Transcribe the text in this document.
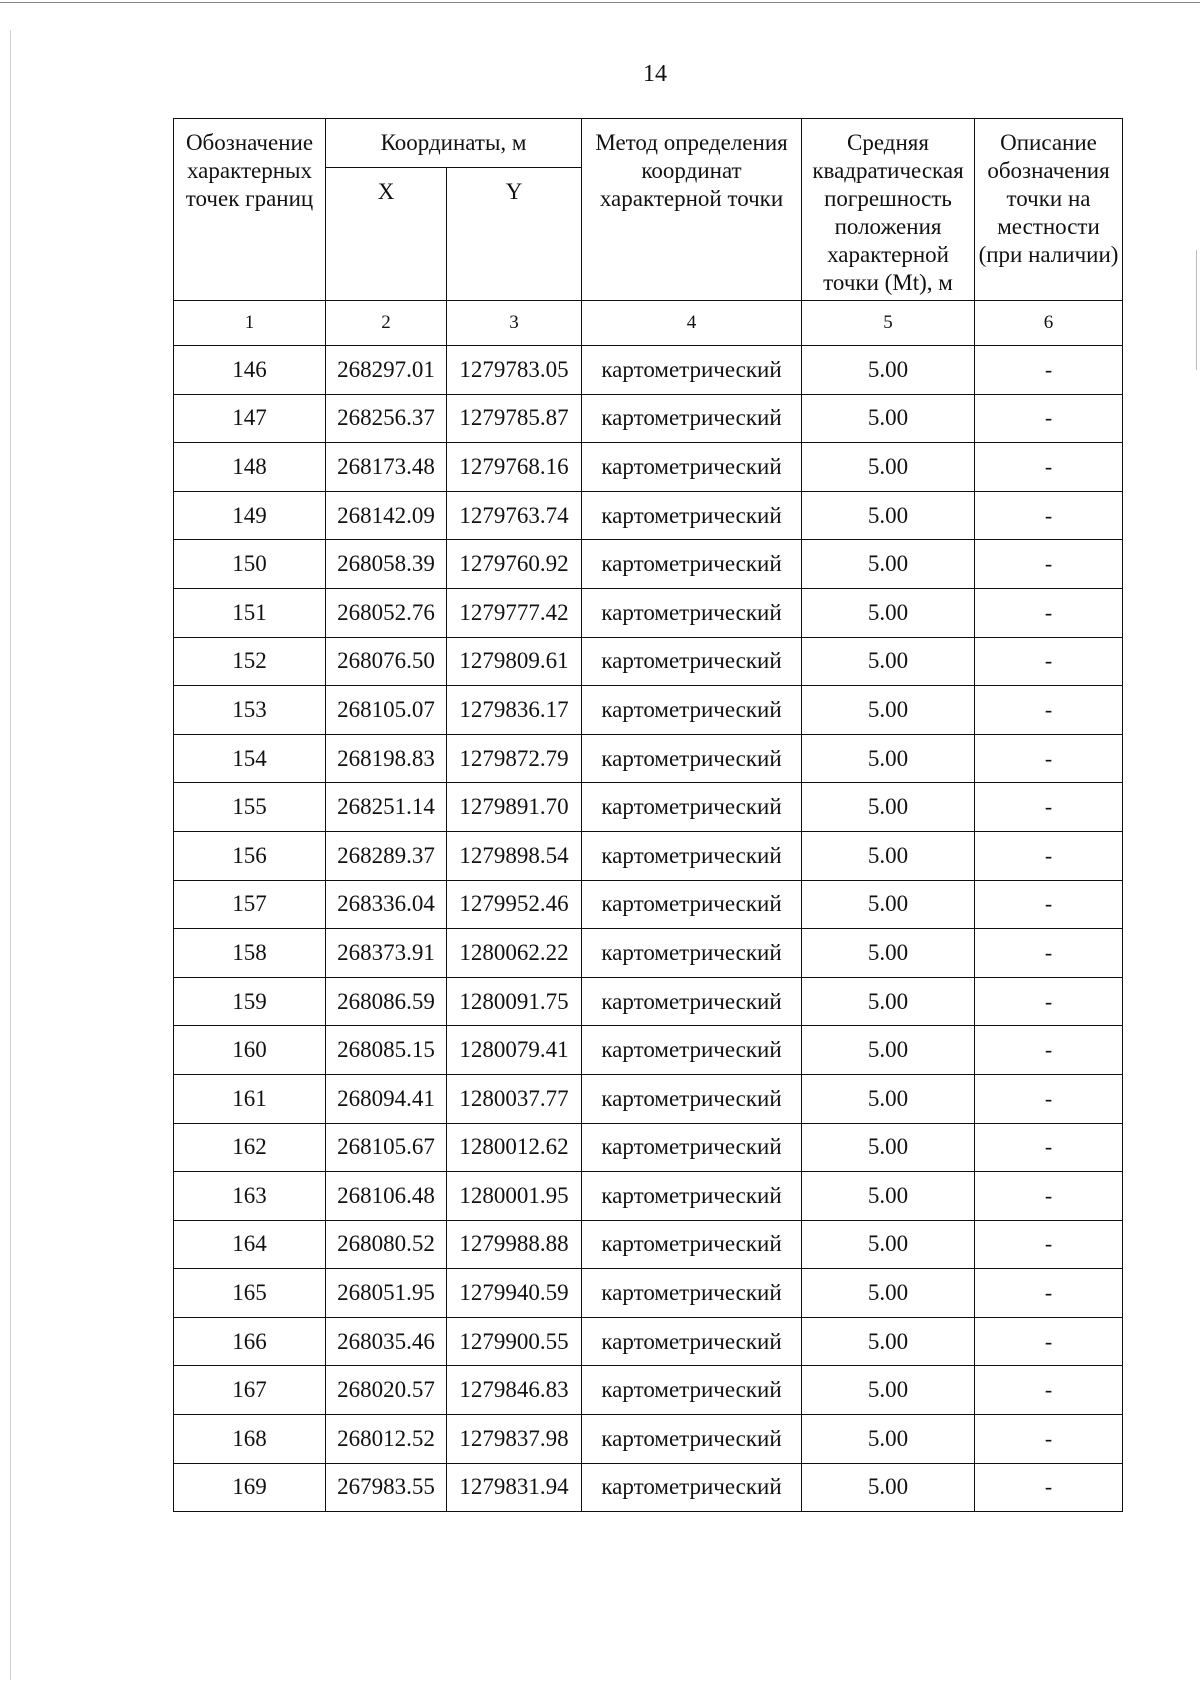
14
Обозначение характерных точек границ	Координаты, м		Метод определения координат характерной точки	Средняя квадратическая погрешность положения характерной точки (Mt), м	Описание обозначения точки на местности (при наличии)
	X	Y			
1	2	3	4	5	6
146	268297.01	1279783.05	картометрический	5.00	-
147	268256.37	1279785.87	картометрический	5.00	-
148	268173.48	1279768.16	картометрический	5.00	-
149	268142.09	1279763.74	картометрический	5.00	-
150	268058.39	1279760.92	картометрический	5.00	-
151	268052.76	1279777.42	картометрический	5.00	-
152	268076.50	1279809.61	картометрический	5.00	-
153	268105.07	1279836.17	картометрический	5.00	-
154	268198.83	1279872.79	картометрический	5.00	-
155	268251.14	1279891.70	картометрический	5.00	-
156	268289.37	1279898.54	картометрический	5.00	-
157	268336.04	1279952.46	картометрический	5.00	-
158	268373.91	1280062.22	картометрический	5.00	-
159	268086.59	1280091.75	картометрический	5.00	-
160	268085.15	1280079.41	картометрический	5.00	-
161	268094.41	1280037.77	картометрический	5.00	-
162	268105.67	1280012.62	картометрический	5.00	-
163	268106.48	1280001.95	картометрический	5.00	-
164	268080.52	1279988.88	картометрический	5.00	-
165	268051.95	1279940.59	картометрический	5.00	-
166	268035.46	1279900.55	картометрический	5.00	-
167	268020.57	1279846.83	картометрический	5.00	-
168	268012.52	1279837.98	картометрический	5.00	-
169	267983.55	1279831.94	картометрический	5.00	-
